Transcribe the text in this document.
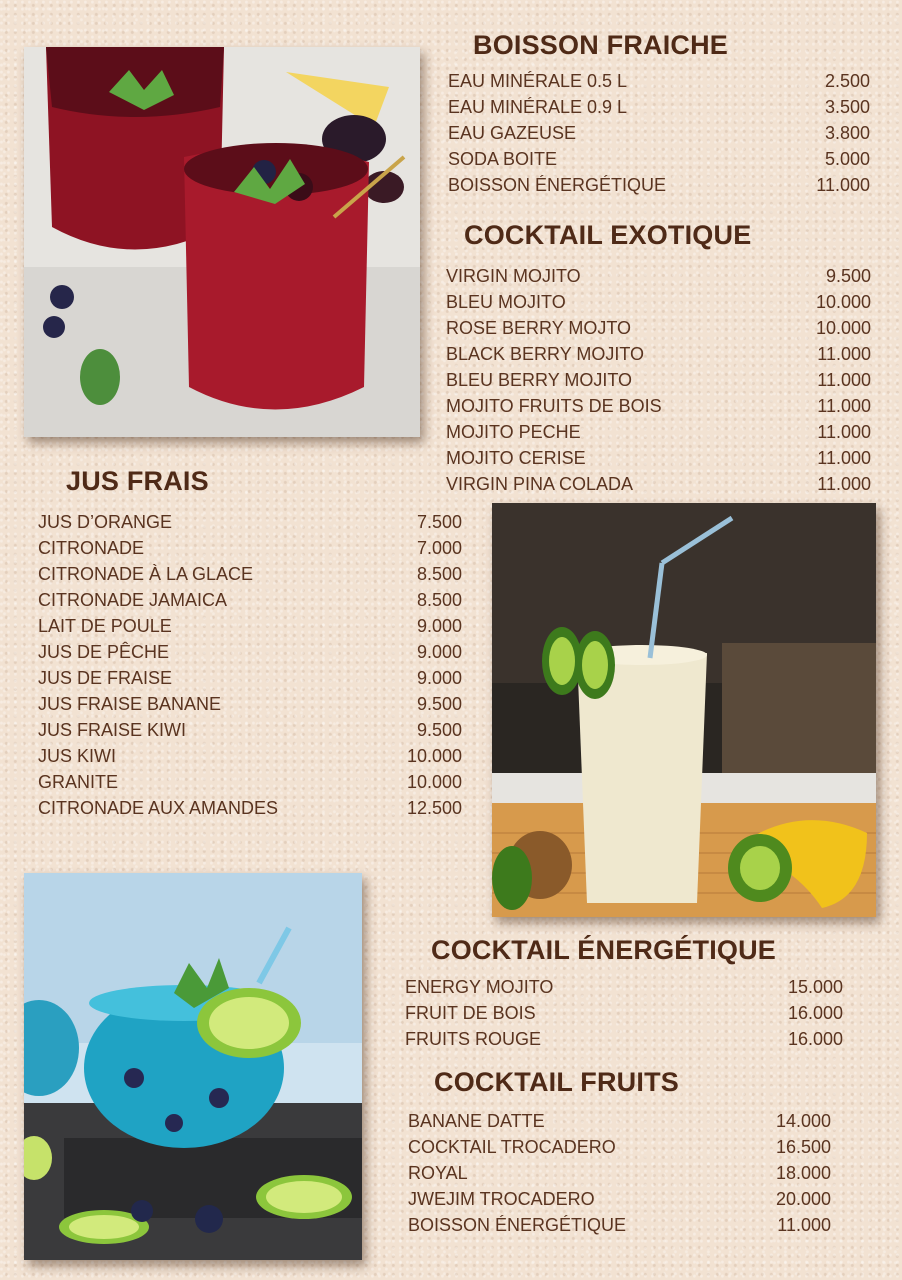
BOISSON FRAICHE
EAU MINÉRALE 0.5 L	2.500
EAU MINÉRALE 0.9 L	3.500
EAU GAZEUSE	3.800
SODA BOITE	5.000
BOISSON ÉNERGÉTIQUE	11.000
COCKTAIL EXOTIQUE
VIRGIN MOJITO	9.500
BLEU MOJITO	10.000
ROSE BERRY MOJTO	10.000
BLACK BERRY MOJITO	11.000
BLEU BERRY MOJITO	11.000
MOJITO FRUITS DE BOIS	11.000
MOJITO PECHE	11.000
MOJITO CERISE	11.000
VIRGIN PINA COLADA	11.000
JUS FRAIS
JUS D’ORANGE	7.500
CITRONADE	7.000
CITRONADE À LA GLACE	8.500
CITRONADE JAMAICA	8.500
LAIT DE POULE	9.000
JUS DE PÊCHE	9.000
JUS DE FRAISE	9.000
JUS FRAISE BANANE	9.500
JUS FRAISE KIWI	9.500
JUS KIWI	10.000
GRANITE	10.000
CITRONADE AUX AMANDES	12.500
COCKTAIL ÉNERGÉTIQUE
ENERGY MOJITO	15.000
FRUIT DE BOIS	16.000
FRUITS ROUGE	16.000
COCKTAIL FRUITS
BANANE DATTE	14.000
COCKTAIL TROCADERO	16.500
ROYAL	18.000
JWEJIM TROCADERO	20.000
BOISSON ÉNERGÉTIQUE	11.000
